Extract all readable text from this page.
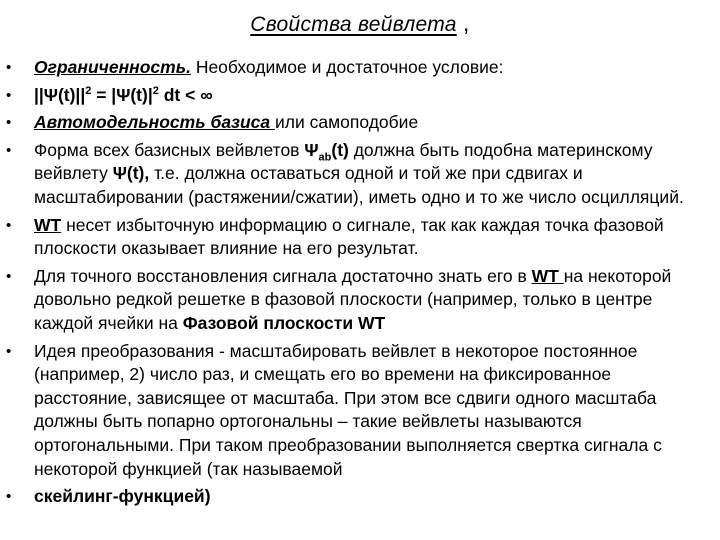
Свойства вейвлета ,
• Ограниченность. Необходимое и достаточное условие:
• $||\Psi(t)||^2 = |\Psi(t)|^2$ dt < ∞
• Автомодельность базиса или самоподобие
• Форма всех базисных вейвлетов $\Psi_{ab}(t)$ должна быть подобна материнскому вейвлету Ψ(t), т.е. должна оставаться одной и той же при сдвигах и масштабировании (растяжении/сжатии), иметь одно и то же число осцилляций.
• WT несет избыточную информацию о сигнале, так как каждая точка фазовой плоскости оказывает влияние на его результат.
• Для точного восстановления сигнала достаточно знать его в WT на некоторой довольно редкой решетке в фазовой плоскости (например, только в центре каждой ячейки на Фазовой плоскости WT
• Идея преобразования - масштабировать вейвлет в некоторое постоянное (например, 2) число раз, и смещать его во времени на фиксированное расстояние, зависящее от масштаба. При этом все сдвиги одного масштаба должны быть попарно ортогональны – такие вейвлеты называются ортогональными. При таком преобразовании выполняется свертка сигнала с некоторой функцией (так называемой
• скейлинг-функцией)
